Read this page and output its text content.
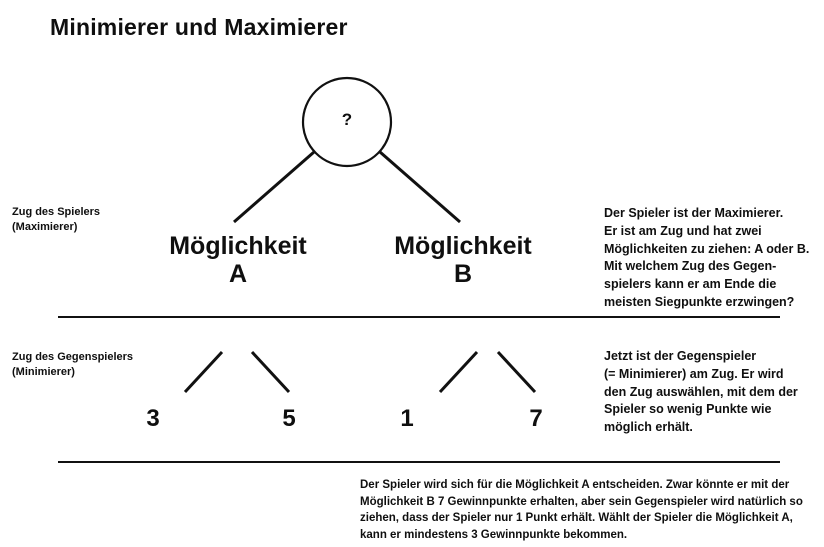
Minimierer und Maximierer
?
Möglichkeit
A
Möglichkeit
B
3	5	1	7
Zug des Spielers
(Maximierer)
Zug des Gegenspielers
(Minimierer)
Der Spieler ist der Maximierer.
Er ist am Zug und hat zwei
Möglichkeiten zu ziehen: A oder B.
Mit welchem Zug des Gegen-
spielers kann er am Ende die
meisten Siegpunkte erzwingen?
Jetzt ist der Gegenspieler
(= Minimierer) am Zug. Er wird
den Zug auswählen, mit dem der
Spieler so wenig Punkte wie
möglich erhält.
Der Spieler wird sich für die Möglichkeit A entscheiden. Zwar könnte er mit der
Möglichkeit B 7 Gewinnpunkte erhalten, aber sein Gegenspieler wird natürlich so
ziehen, dass der Spieler nur 1 Punkt erhält. Wählt der Spieler die Möglichkeit A,
kann er mindestens 3 Gewinnpunkte bekommen.
